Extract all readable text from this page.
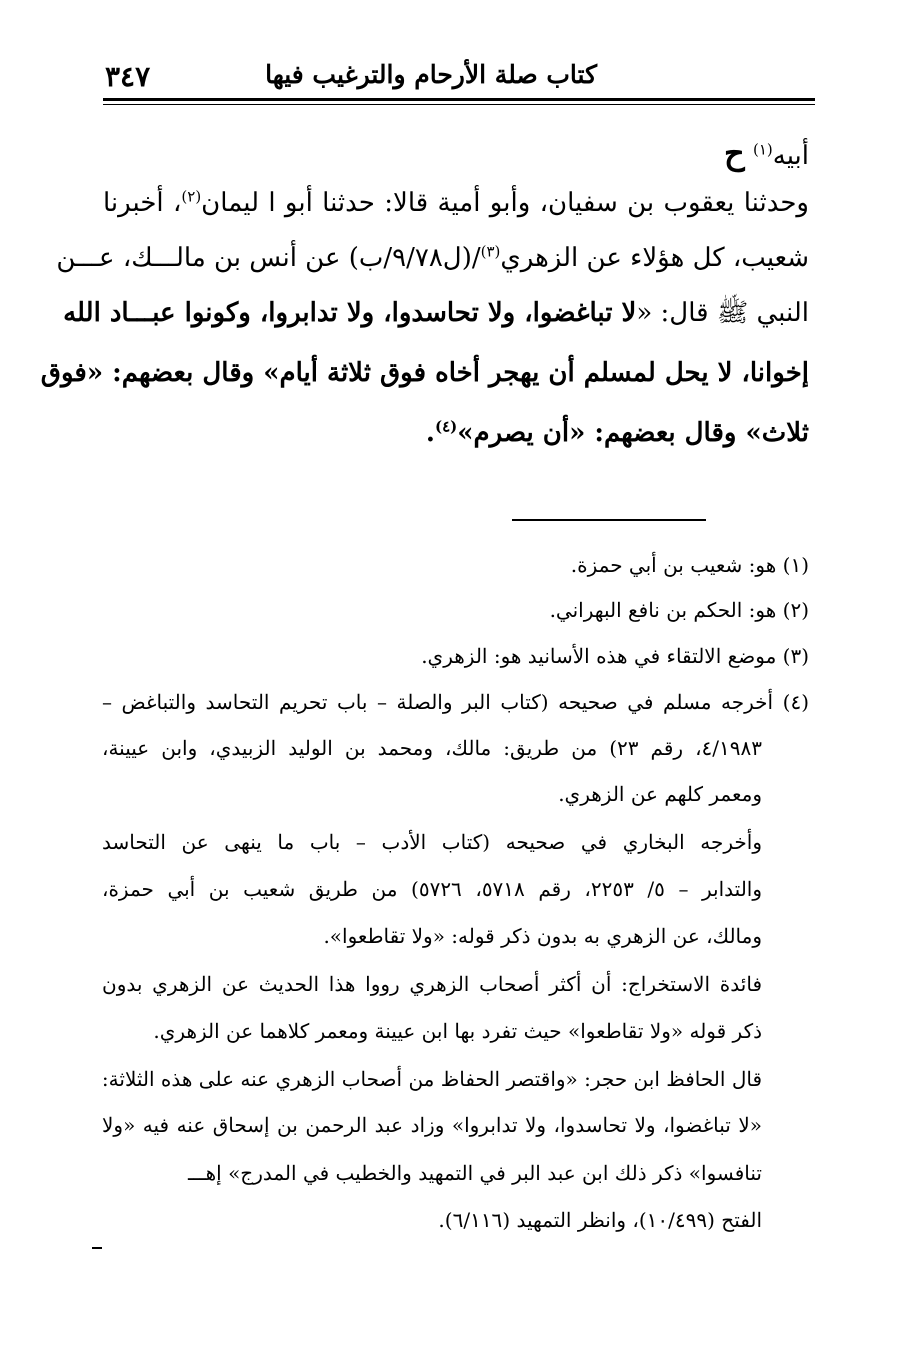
كتاب صلة الأرحام والترغيب فيها
٣٤٧
أبيه$^{(١)}$ ح
وحدثنا يعقوب بن سفيان، وأبو أمية قالا: حدثنا أبو ا ليمان$^{(٢)}$، أخبرنا
شعيب، كل هؤلاء عن الزهري$^{(٣)}$/(ل٩/٧٨/ب) عن أنس بن مالـــك، عـــن
النبي ﷺ قال: «لا تباغضوا، ولا تحاسدوا، ولا تدابروا، وكونوا عبـــاد الله
إخوانا، لا يحل لمسلم أن يهجر أخاه فوق ثلاثة أيام» وقال بعضهم: «فوق
ثلاث» وقال بعضهم: «أن يصرم»$^{(٤)}$.
(١) هو: شعيب بن أبي حمزة.
(٢) هو: الحكم بن نافع البهراني.
(٣) موضع الالتقاء في هذه الأسانيد هو: الزهري.
(٤) أخرجه مسلم في صحيحه (كتاب البر والصلة – باب تحريم التحاسد والتباغض –
٤/١٩٨٣، رقم ٢٣) من طريق: مالك، ومحمد بن الوليد الزبيدي، وابن عيينة،
ومعمر كلهم عن الزهري.
وأخرجه البخاري في صحيحه (كتاب الأدب – باب ما ينهى عن التحاسد
والتدابر – ٥/ ٢٢٥٣، رقم ٥٧١٨، ٥٧٢٦) من طريق شعيب بن أبي حمزة،
ومالك، عن الزهري به بدون ذكر قوله: «ولا تقاطعوا».
فائدة الاستخراج: أن أكثر أصحاب الزهري رووا هذا الحديث عن الزهري بدون
ذكر قوله «ولا تقاطعوا» حيث تفرد بها ابن عيينة ومعمر كلاهما عن الزهري.
قال الحافظ ابن حجر: «واقتصر الحفاظ من أصحاب الزهري عنه على هذه الثلاثة:
«لا تباغضوا، ولا تحاسدوا، ولا تدابروا» وزاد عبد الرحمن بن إسحاق عنه فيه «ولا
تنافسوا» ذكر ذلك ابن عبد البر في التمهيد والخطيب في المدرج» إهـــ
الفتح (١٠/٤٩٩)، وانظر التمهيد (٦/١١٦).
